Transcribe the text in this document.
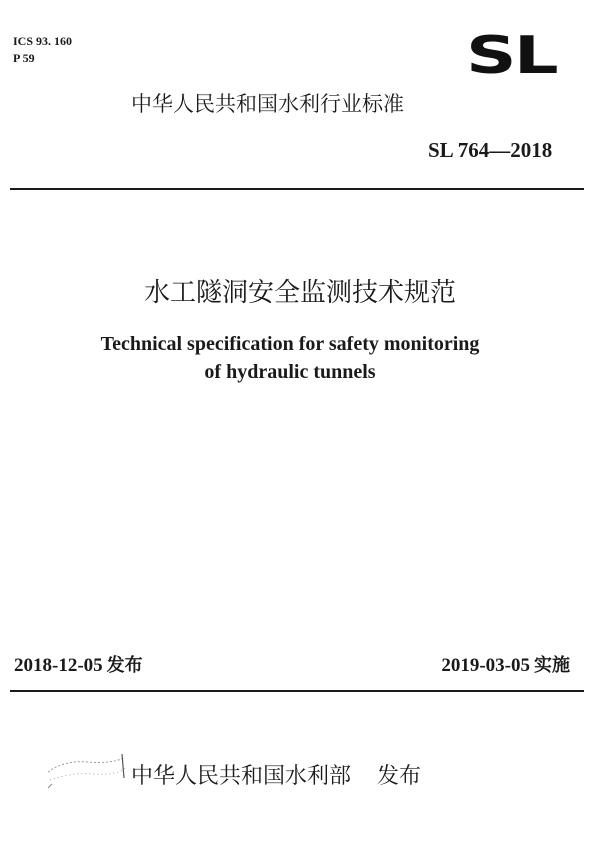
ICS 93. 160
P 59	SL
中华人民共和国水利行业标准
SL 764—2018
水工隧洞安全监测技术规范
Technical specification for safety monitoring
of hydraulic tunnels
2018-12-05 发布	2019-03-05 实施
中华人民共和国水利部 发布
